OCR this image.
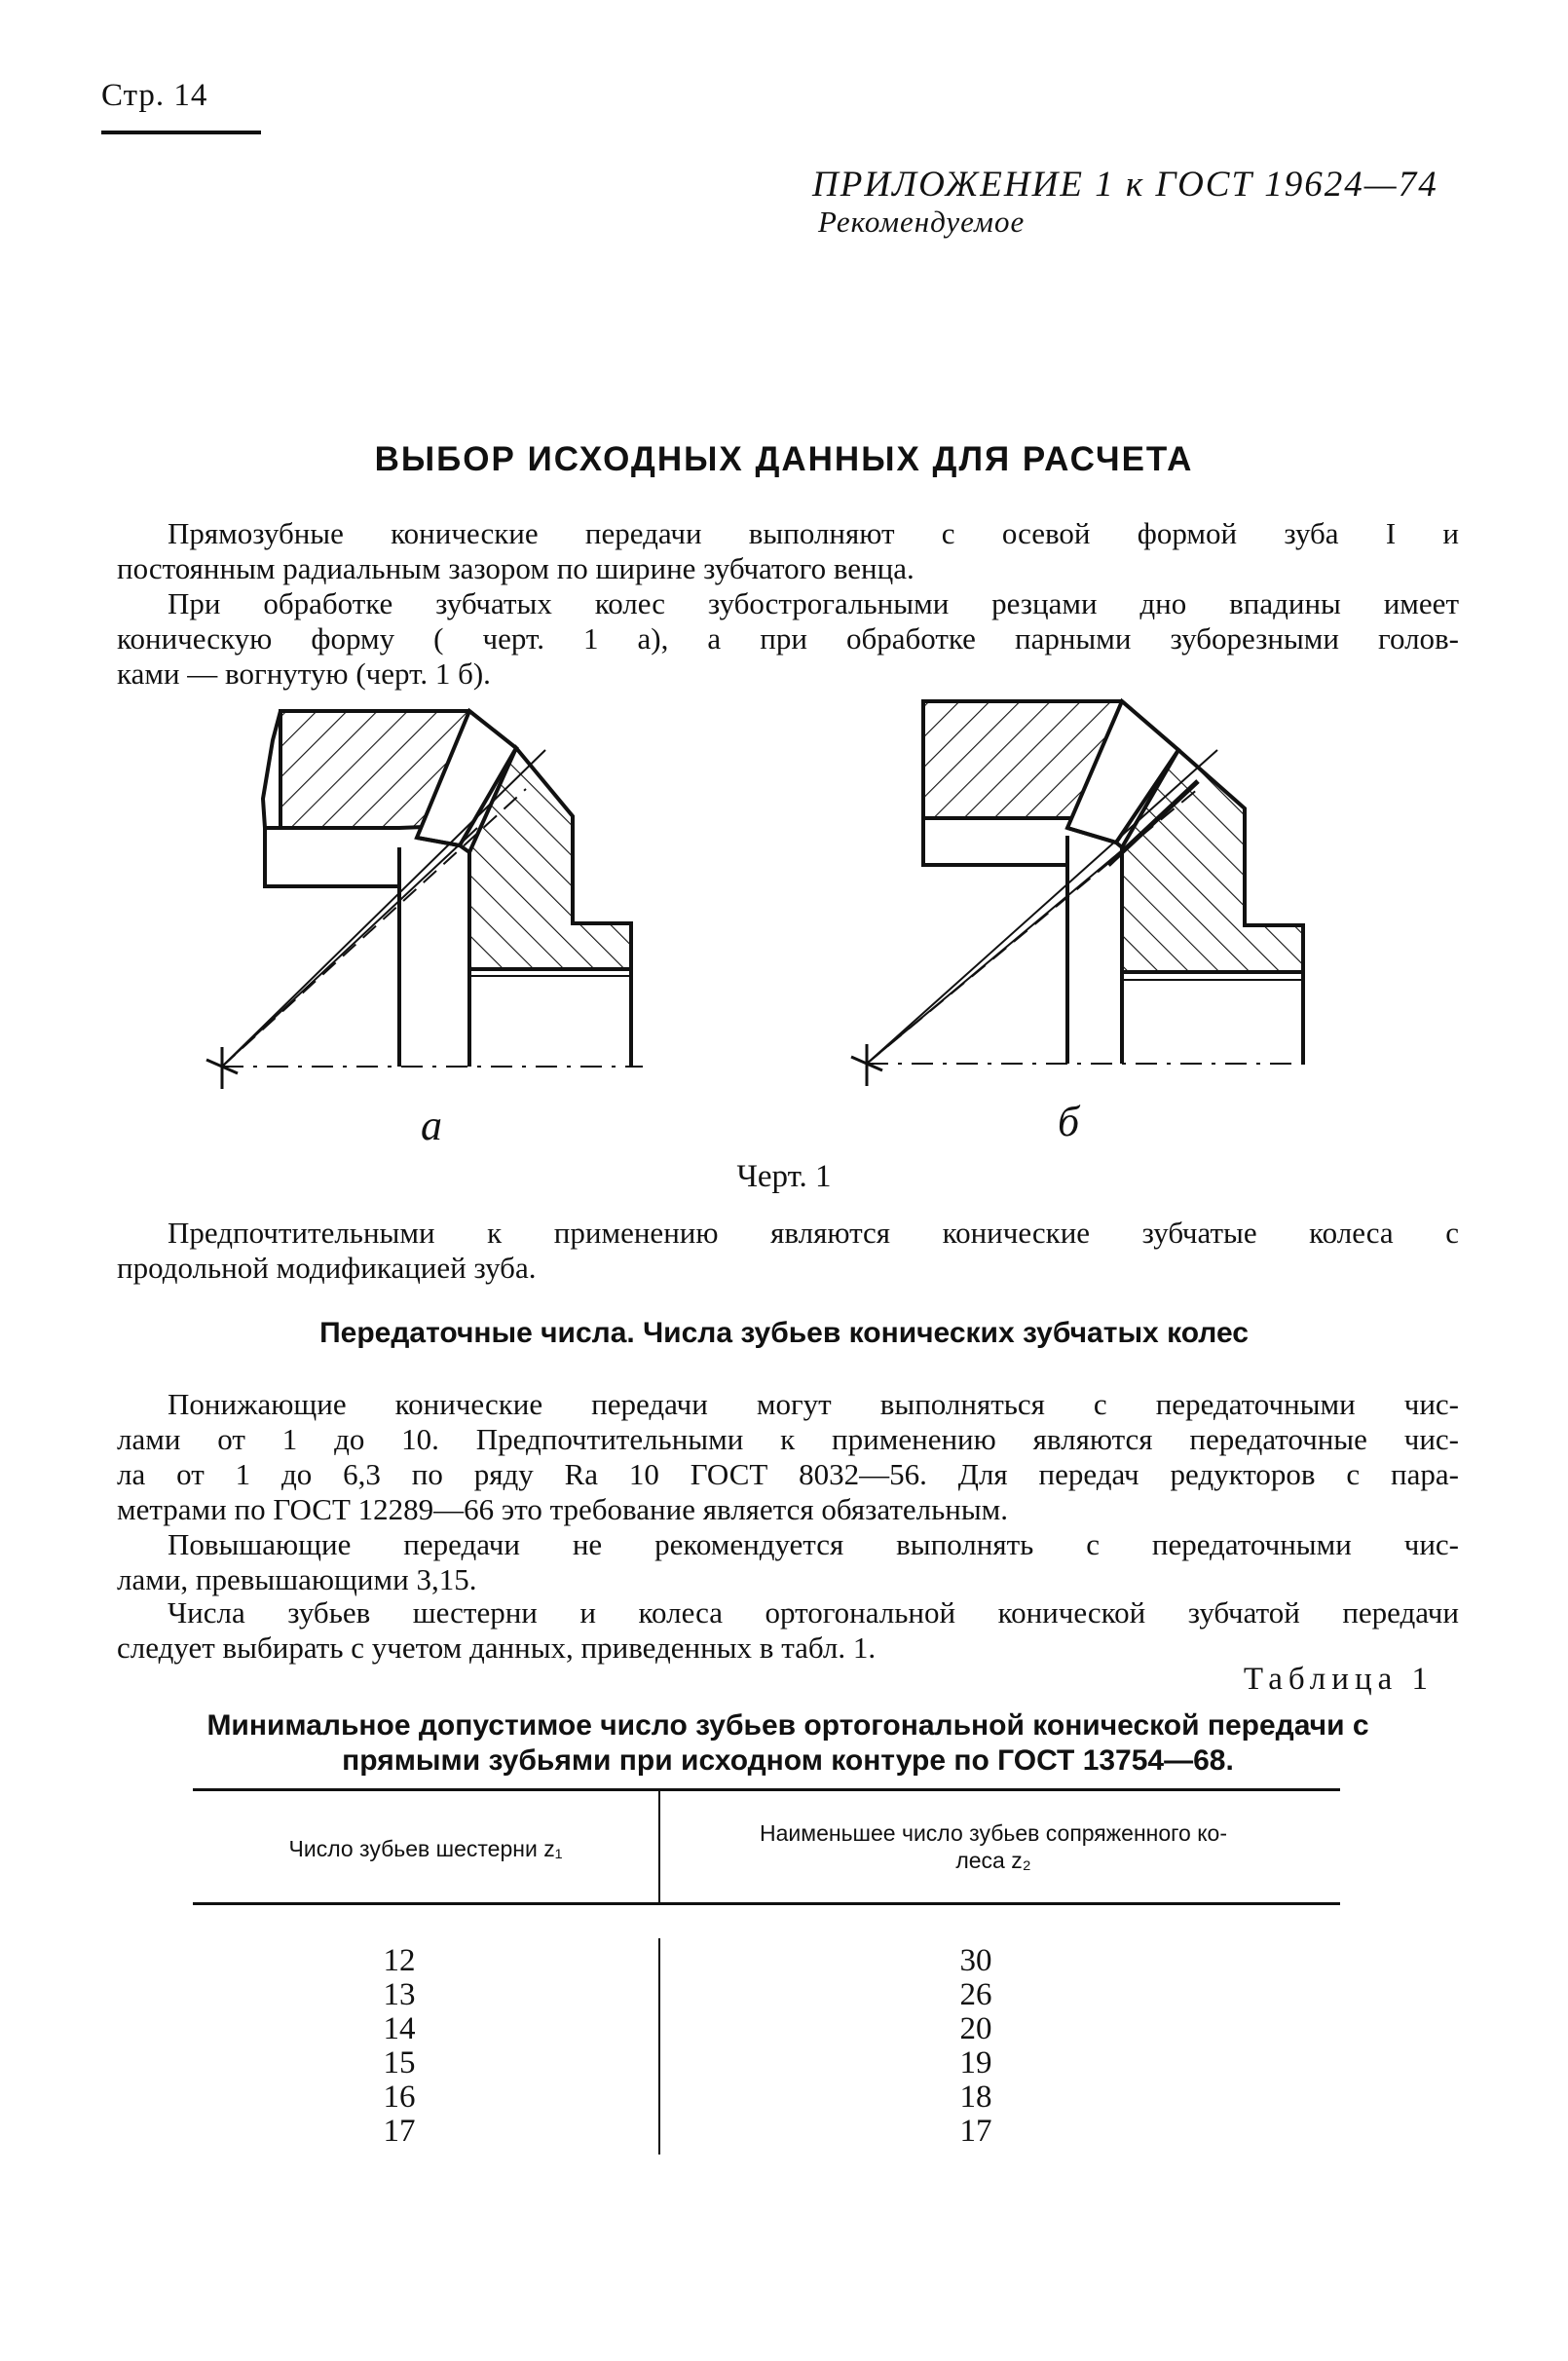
Стр. 14
ПРИЛОЖЕНИЕ 1 к ГОСТ 19624—74
Рекомендуемое
ВЫБОР ИСХОДНЫХ ДАННЫХ ДЛЯ РАСЧЕТА
Прямозубные конические передачи выполняют с осевой формой зуба I и
постоянным радиальным зазором по ширине зубчатого венца.
При обработке зубчатых колес зубострогальными резцами дно впадины имеет
коническую форму ( черт. 1 а), а при обработке парными зуборезными голов-
ками — вогнутую (черт. 1 б).
а	б
Черт. 1
Предпочтительными к применению являются конические зубчатые колеса с
продольной модификацией зуба.
Передаточные числа. Числа зубьев конических зубчатых колес
Понижающие конические передачи могут выполняться с передаточными чис-
лами от 1 до 10. Предпочтительными к применению являются передаточные чис-
ла от 1 до 6,3 по ряду Ra 10 ГОСТ 8032—56. Для передач редукторов с пара-
метрами по ГОСТ 12289—66 это требование является обязательным.
Повышающие передачи не рекомендуется выполнять с передаточными чис-
лами, превышающими 3,15.
Числа зубьев шестерни и колеса ортогональной конической зубчатой передачи
следует выбирать с учетом данных, приведенных в табл. 1.
Таблица 1
Минимальное допустимое число зубьев ортогональной конической передачи с
прямыми зубьями при исходном контуре по ГОСТ 13754—68.
Число зубьев шестерни z₁
Наименьшее число зубьев сопряженного ко-
леса z₂
12
13
14
15
16
17
30
26
20
19
18
17
